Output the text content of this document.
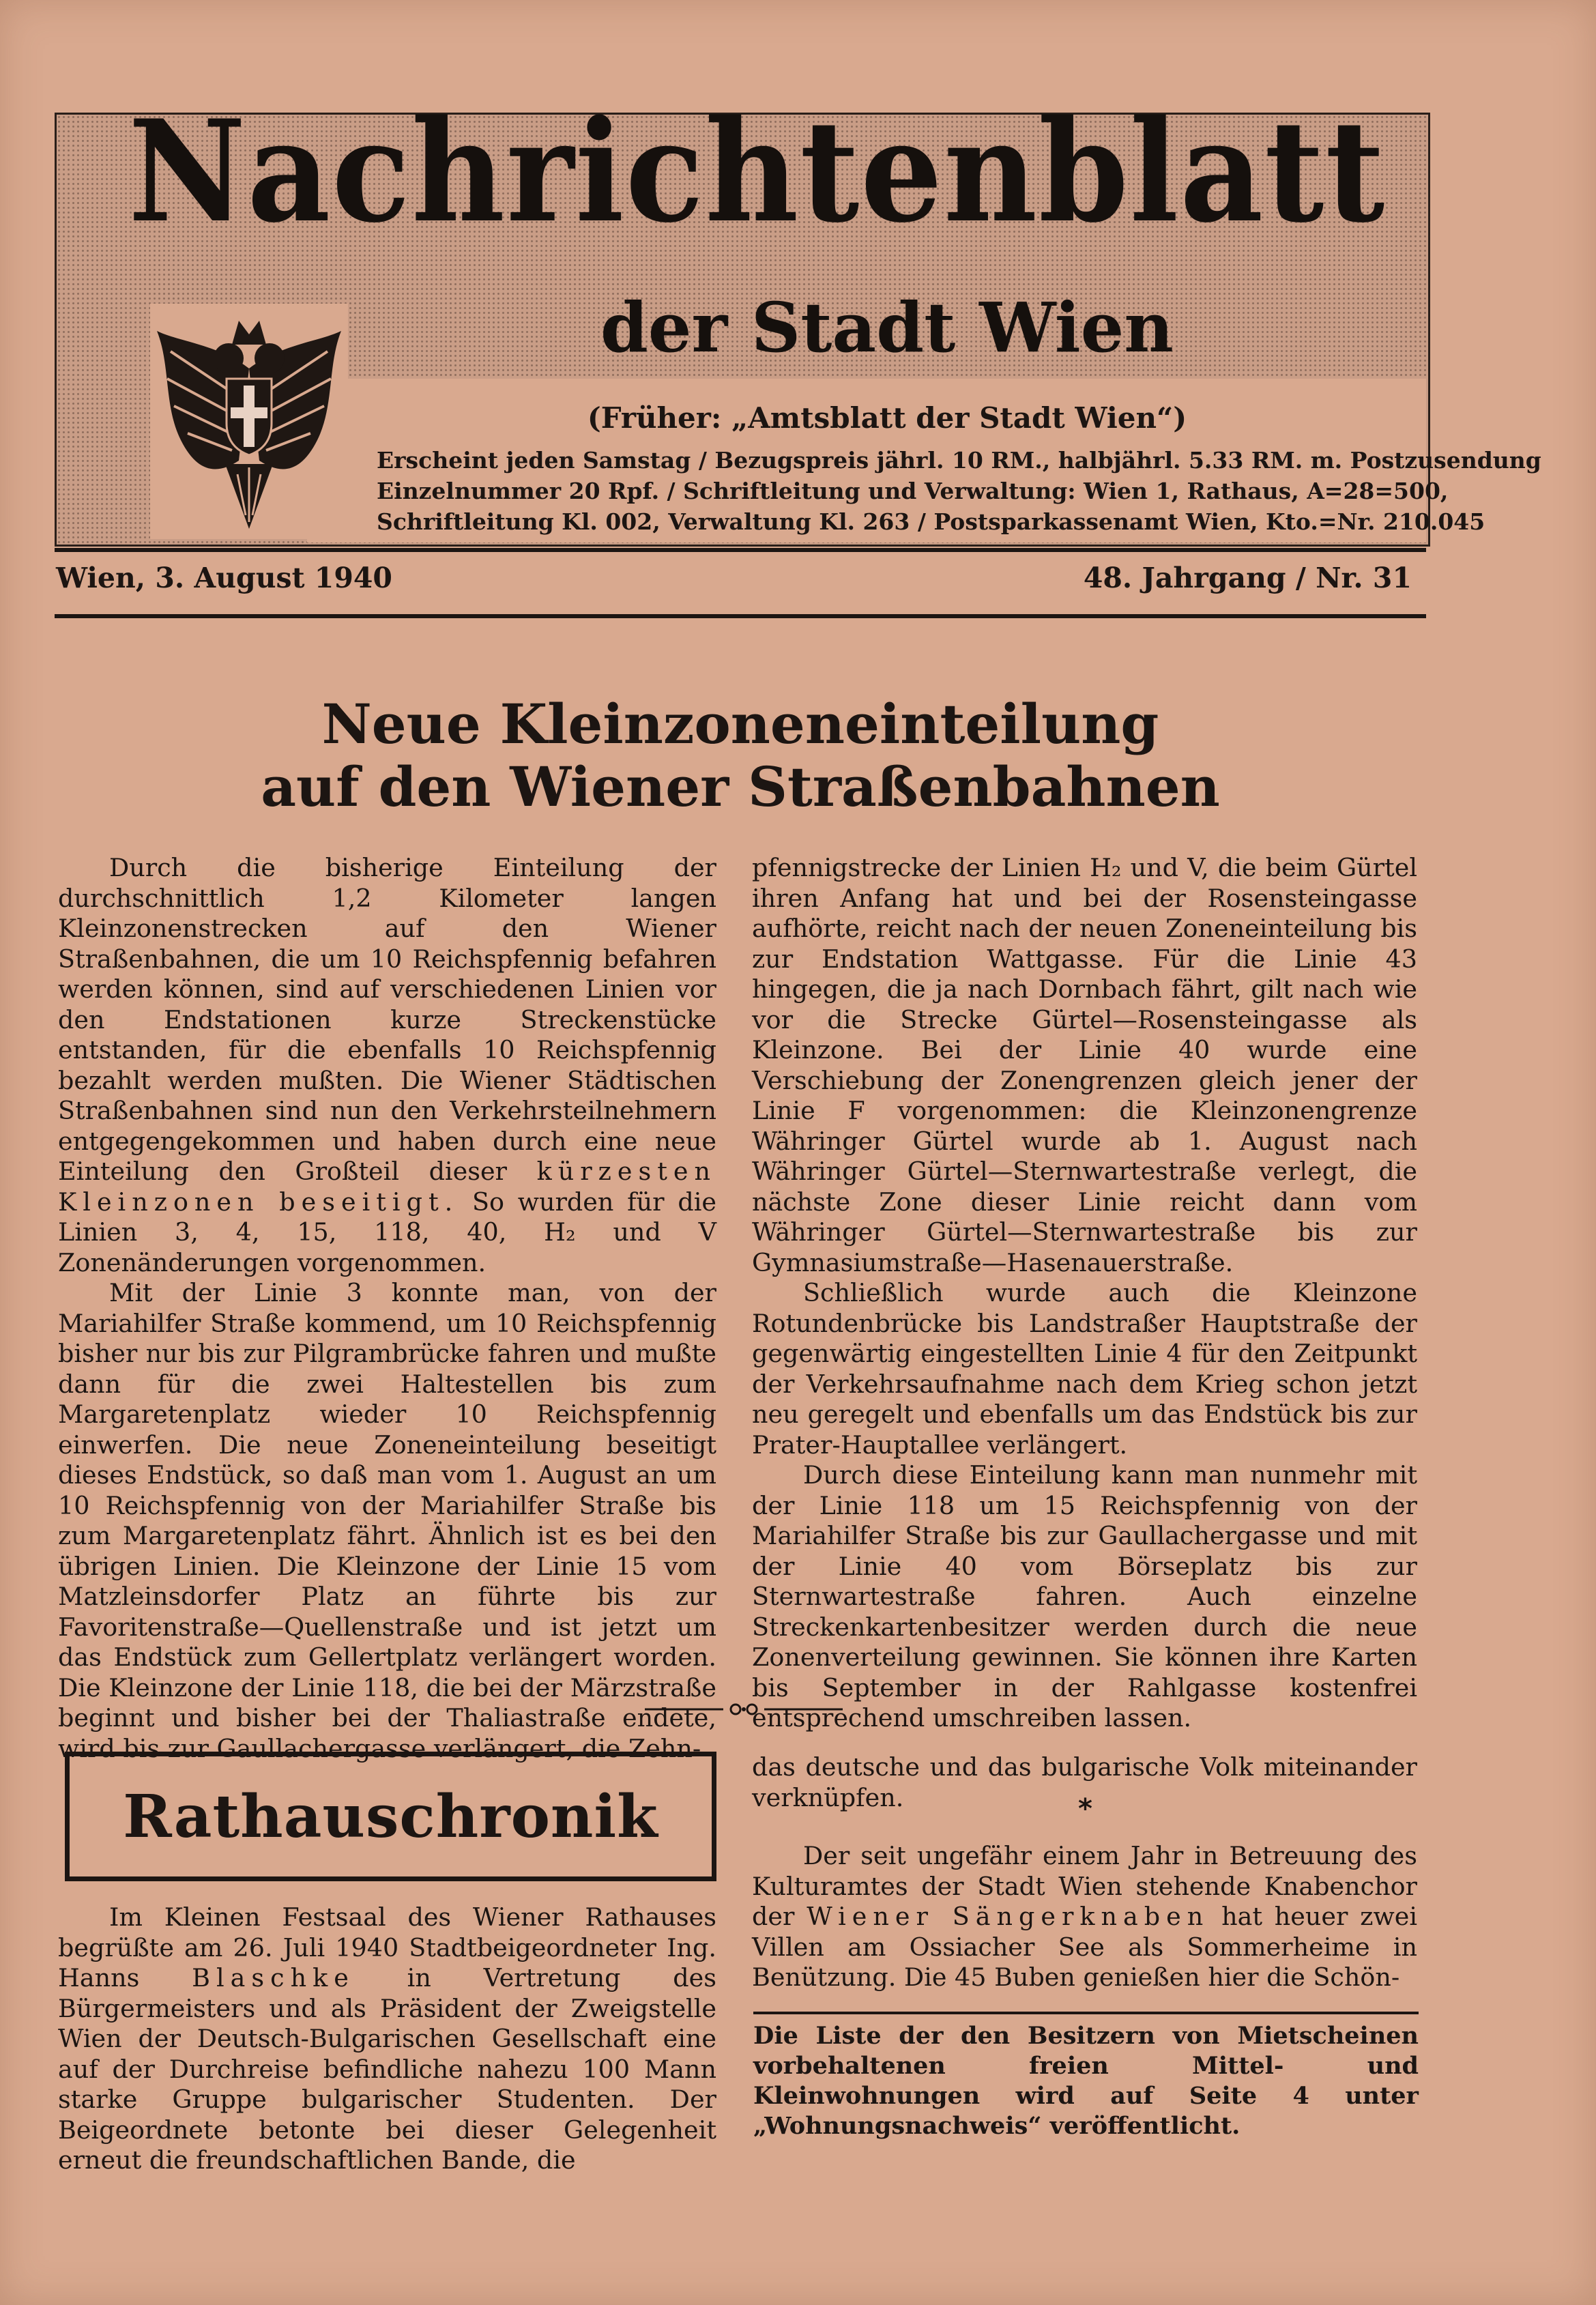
Nachrichtenblatt
der Stadt Wien
(Früher: „Amtsblatt der Stadt Wien“)
Erscheint jeden Samstag / Bezugspreis jährl. 10 RM., halbjährl. 5.33 RM. m. Postzusendung
Einzelnummer 20 Rpf. / Schriftleitung und Verwaltung: Wien 1, Rathaus, A=28=500,
Schriftleitung Kl. 002, Verwaltung Kl. 263 / Postsparkassenamt Wien, Kto.=Nr. 210.045
Wien, 3. August 1940	48. Jahrgang / Nr. 31
Neue Kleinzoneneinteilung
auf den Wiener Straßenbahnen

Durch die bisherige Einteilung der durchschnittlich 1,2 Kilometer langen Kleinzonenstrecken auf den Wiener Straßenbahnen, die um 10 Reichspfennig befahren werden können, sind auf verschiedenen Linien vor den Endstationen kurze Streckenstücke entstanden, für die ebenfalls 10 Reichspfennig bezahlt werden mußten. Die Wiener Städtischen Straßenbahnen sind nun den Verkehrsteilnehmern entgegengekommen und haben durch eine neue Einteilung den Großteil dieser kürzesten Kleinzonen beseitigt. So wurden für die Linien 3, 4, 15, 118, 40, H₂ und V Zonenänderungen vorgenommen.

Mit der Linie 3 konnte man, von der Mariahilfer Straße kommend, um 10 Reichspfennig bisher nur bis zur Pilgrambrücke fahren und mußte dann für die zwei Haltestellen bis zum Margaretenplatz wieder 10 Reichspfennig einwerfen. Die neue Zoneneinteilung beseitigt dieses Endstück, so daß man vom 1. August an um 10 Reichspfennig von der Mariahilfer Straße bis zum Margaretenplatz fährt. Ähnlich ist es bei den übrigen Linien. Die Kleinzone der Linie 15 vom Matzleinsdorfer Platz an führte bis zur Favoritenstraße—Quellenstraße und ist jetzt um das Endstück zum Gellertplatz verlängert worden. Die Kleinzone der Linie 118, die bei der Märzstraße beginnt und bisher bei der Thaliastraße endete, wird bis zur Gaullachergasse verlängert, die Zehn-

pfennigstrecke der Linien H₂ und V, die beim Gürtel ihren Anfang hat und bei der Rosensteingasse aufhörte, reicht nach der neuen Zoneneinteilung bis zur Endstation Wattgasse. Für die Linie 43 hingegen, die ja nach Dornbach fährt, gilt nach wie vor die Strecke Gürtel—Rosensteingasse als Kleinzone. Bei der Linie 40 wurde eine Verschiebung der Zonengrenzen gleich jener der Linie F vorgenommen: die Kleinzonengrenze Währinger Gürtel wurde ab 1. August nach Währinger Gürtel—Sternwartestraße verlegt, die nächste Zone dieser Linie reicht dann vom Währinger Gürtel—Sternwartestraße bis zur Gymnasiumstraße—Hasenauerstraße.

Schließlich wurde auch die Kleinzone Rotundenbrücke bis Landstraßer Hauptstraße der gegenwärtig eingestellten Linie 4 für den Zeitpunkt der Verkehrsaufnahme nach dem Krieg schon jetzt neu geregelt und ebenfalls um das Endstück bis zur Prater-Hauptallee verlängert.

Durch diese Einteilung kann man nunmehr mit der Linie 118 um 15 Reichspfennig von der Mariahilfer Straße bis zur Gaullachergasse und mit der Linie 40 vom Börseplatz bis zur Sternwartestraße fahren. Auch einzelne Streckenkartenbesitzer werden durch die neue Zonenverteilung gewinnen. Sie können ihre Karten bis September in der Rahlgasse kostenfrei entsprechend umschreiben lassen.

Rathauschronik

Im Kleinen Festsaal des Wiener Rathauses begrüßte am 26. Juli 1940 Stadtbeigeordneter Ing. Hanns Blaschke in Vertretung des Bürgermeisters und als Präsident der Zweigstelle Wien der Deutsch-Bulgarischen Gesellschaft eine auf der Durchreise befindliche nahezu 100 Mann starke Gruppe bulgarischer Studenten. Der Beigeordnete betonte bei dieser Gelegenheit erneut die freundschaftlichen Bande, die

das deutsche und das bulgarische Volk miteinander verknüpfen.	*

Der seit ungefähr einem Jahr in Betreuung des Kulturamtes der Stadt Wien stehende Knabenchor der Wiener Sängerknaben hat heuer zwei Villen am Ossiacher See als Sommerheime in Benützung. Die 45 Buben genießen hier die Schön-

Die Liste der den Besitzern von Mietscheinen vorbehaltenen freien Mittel- und Kleinwohnungen wird auf Seite 4 unter „Wohnungsnachweis“ veröffentlicht.
